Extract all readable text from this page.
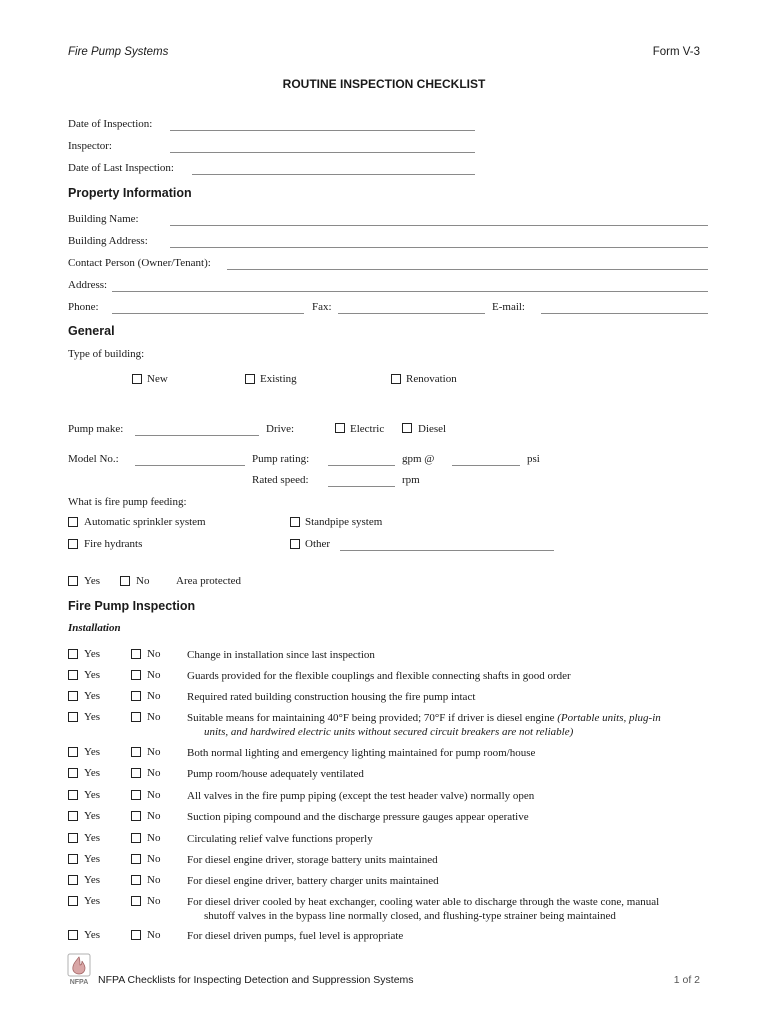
Fire Pump Systems	Form V-3
ROUTINE INSPECTION CHECKLIST
Date of Inspection:
Inspector:
Date of Last Inspection:
Property Information
Building Name:
Building Address:
Contact Person (Owner/Tenant):
Address:
Phone:	Fax:	E-mail:
General
Type of building:
New	Existing	Renovation
Pump make:	Drive:	Electric	Diesel
Model No.:	Pump rating:	gpm @	psi
Rated speed:	rpm
What is fire pump feeding:
Automatic sprinkler system	Standpipe system
Fire hydrants	Other
Yes	No Area protected
Fire Pump Inspection
Installation
Yes	No Change in installation since last inspection
Yes	No Guards provided for the flexible couplings and flexible connecting shafts in good order
Yes	No Required rated building construction housing the fire pump intact
Yes	No Suitable means for maintaining 40°F being provided; 70°F if driver is diesel engine (Portable units, plug-in
units, and hardwired electric units without secured circuit breakers are not reliable)
Yes	No Both normal lighting and emergency lighting maintained for pump room/house
Yes	No Pump room/house adequately ventilated
Yes	No All valves in the fire pump piping (except the test header valve) normally open
Yes	No Suction piping compound and the discharge pressure gauges appear operative
Yes	No Circulating relief valve functions properly
Yes	No For diesel engine driver, storage battery units maintained
Yes	No For diesel engine driver, battery charger units maintained
Yes	No For diesel driver cooled by heat exchanger, cooling water able to discharge through the waste cone, manual
shutoff valves in the bypass line normally closed, and flushing-type strainer being maintained
Yes	No For diesel driven pumps, fuel level is appropriate
NFPA NFPA Checklists for Inspecting Detection and Suppression Systems	1 of 2
